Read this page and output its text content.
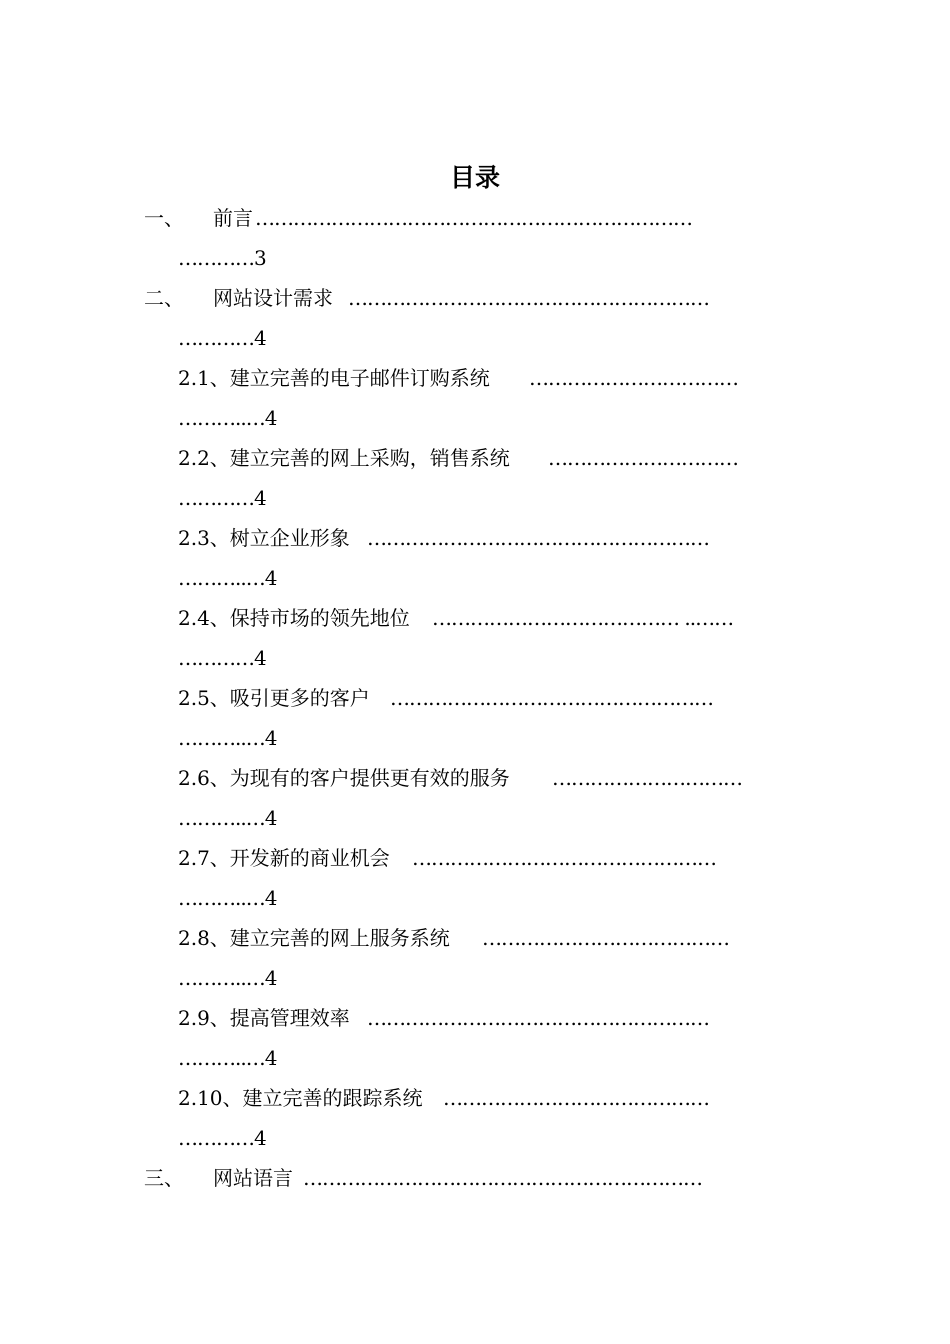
目录
一、 前言 ……………………………………………………………
…………3
二、 网站设计需求 …………………………………………………
…………4
2.1、建立完善的电子邮件订购系统 ……………………………
………..…4
2.2、建立完善的网上采购，销售系统 …………………………
…………4
2.3、树立企业形象 ………………………………………………
………..…4
2.4、保持市场的领先地位 ………………………………… ..……
…………4
2.5、吸引更多的客户 ……………………………………………
………..…4
2.6、为现有的客户提供更有效的服务 …………………………
………..…4
2.7、开发新的商业机会 …………………………………………
………..…4
2.8、建立完善的网上服务系统 …………………………………
………..…4
2.9、提高管理效率 ………………………………………………
………..…4
2.10、建立完善的跟踪系统 ……………………………………
…………4
三、 网站语言 ………………………………………………………
